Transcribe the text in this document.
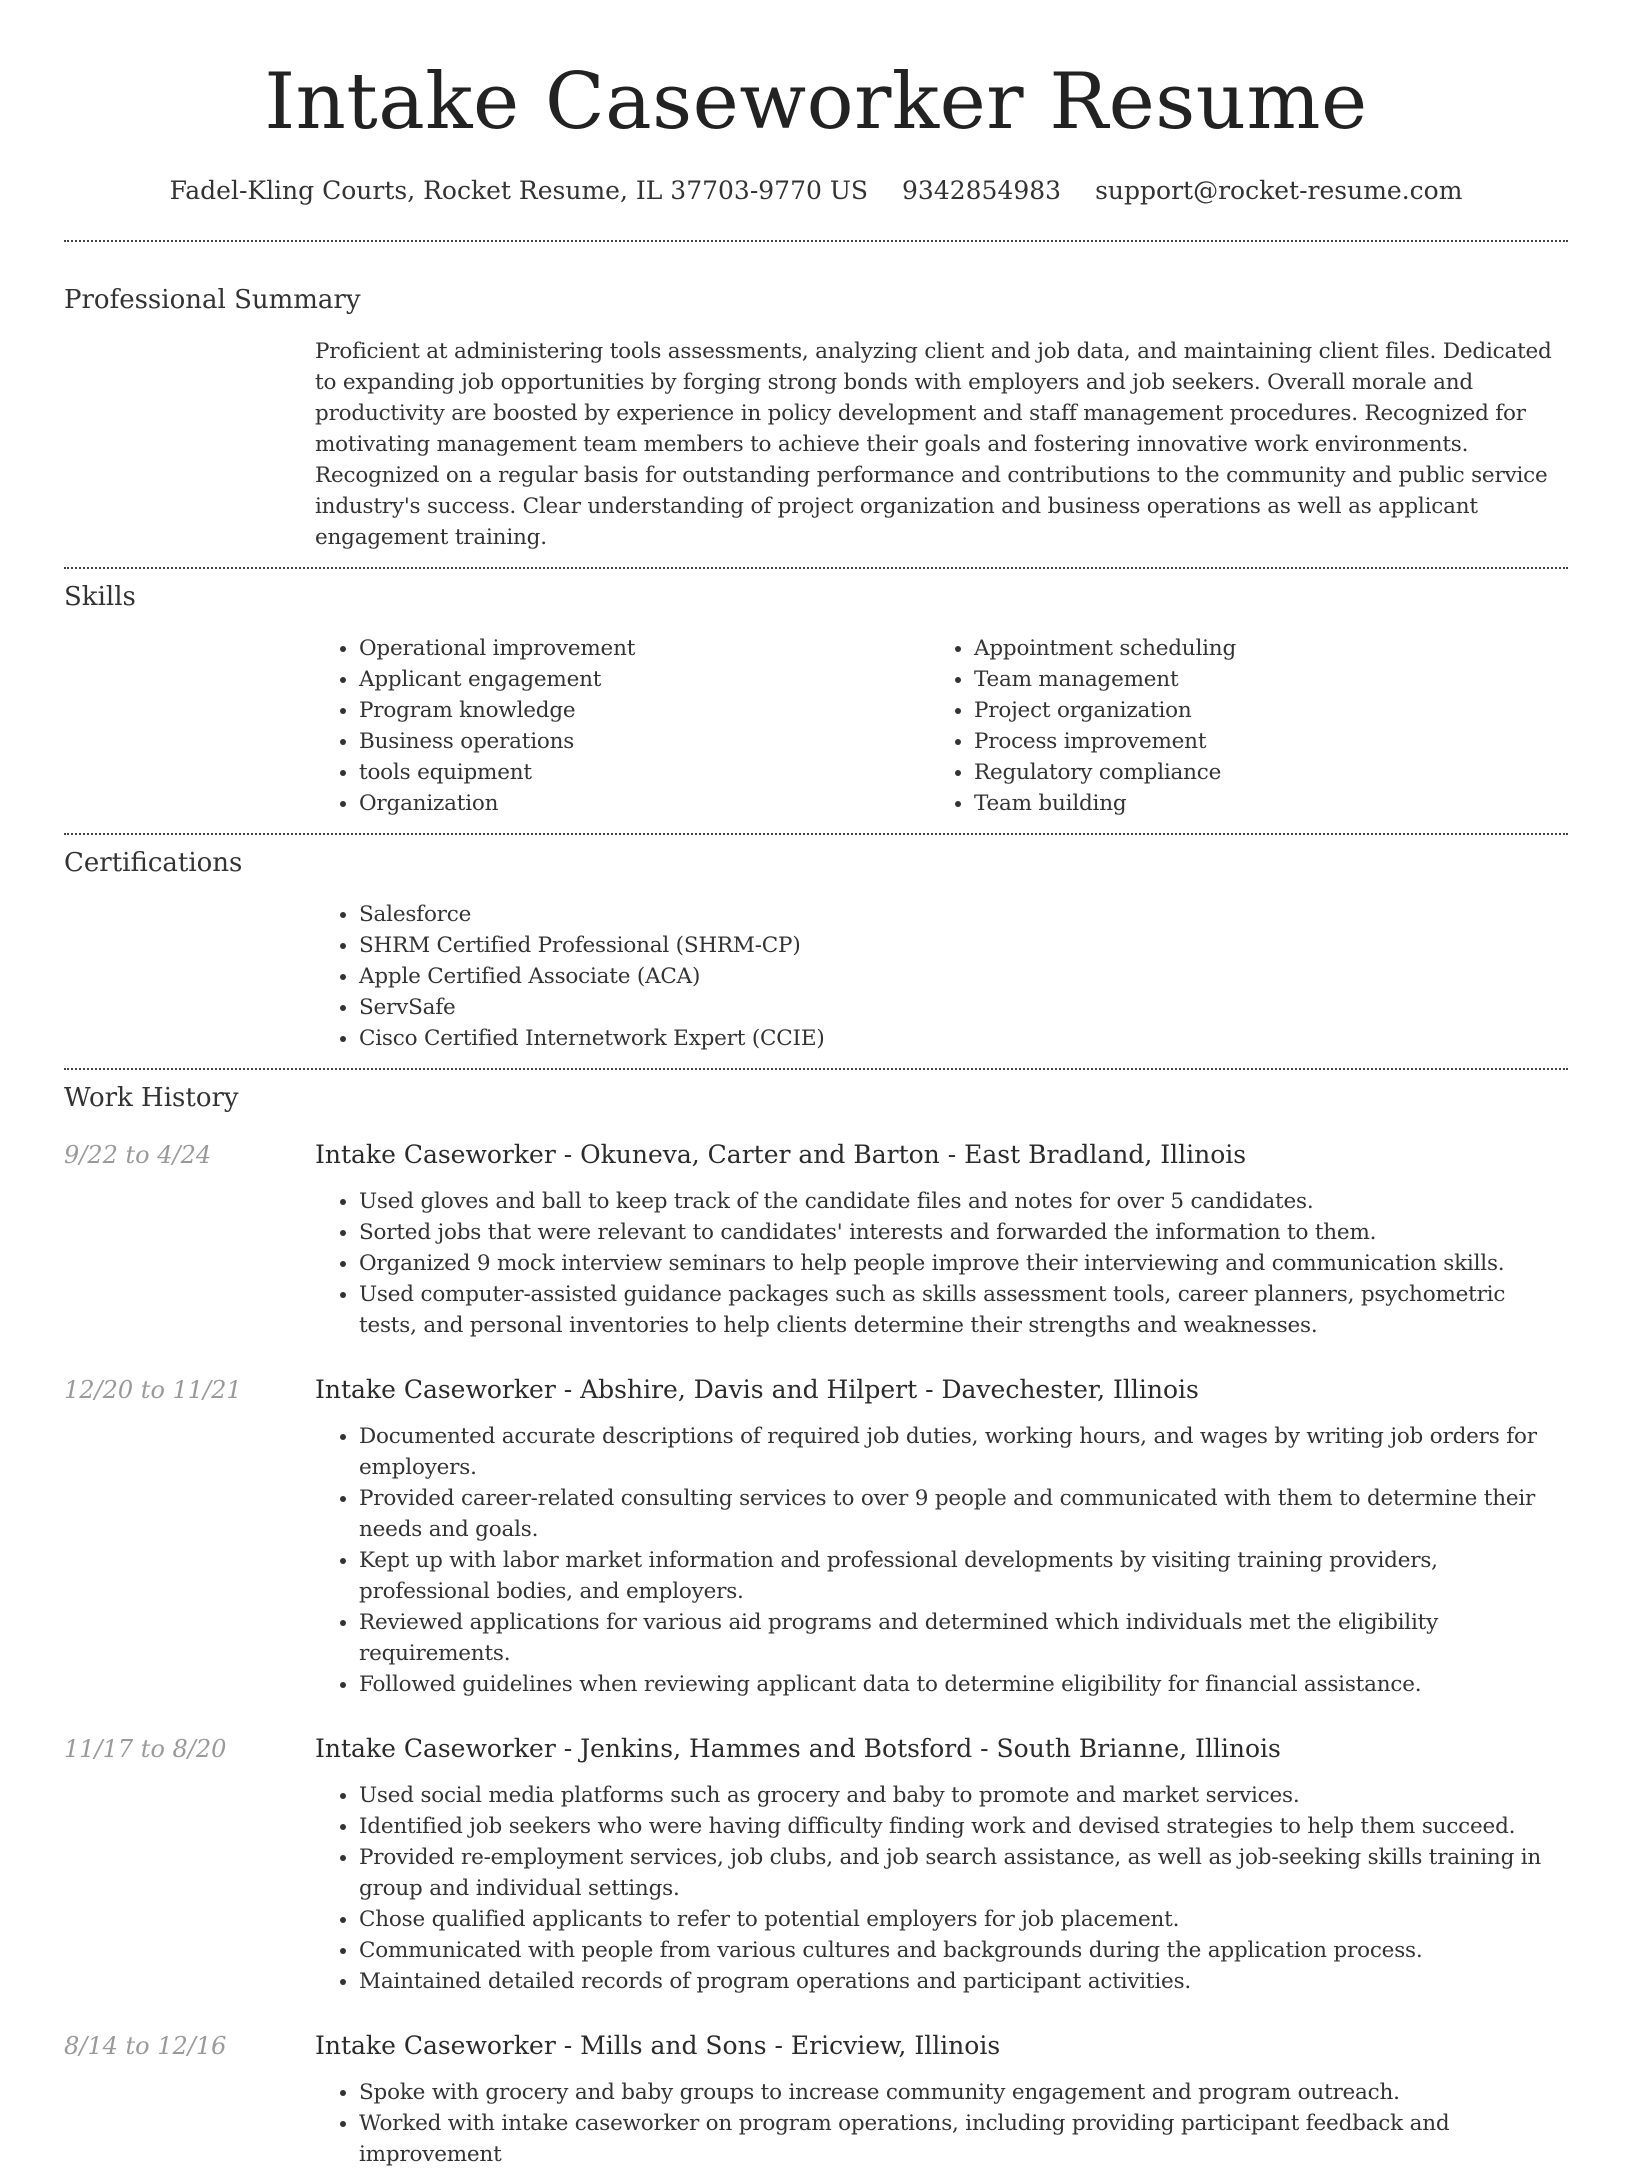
Intake Caseworker Resume
Fadel-Kling Courts, Rocket Resume, IL 37703-9770 US 9342854983 support@rocket-resume.com
Professional Summary

Proficient at administering tools assessments, analyzing client and job data, and maintaining client files. Dedicated to expanding job opportunities by forging strong bonds with employers and job seekers. Overall morale and productivity are boosted by experience in policy development and staff management procedures. Recognized for motivating management team members to achieve their goals and fostering innovative work environments. Recognized on a regular basis for outstanding performance and contributions to the community and public service industry's success. Clear understanding of project organization and business operations as well as applicant engagement training.

Skills
• Operational improvement
• Applicant engagement
• Program knowledge
• Business operations
• tools equipment
• Organization
• Appointment scheduling
• Team management
• Project organization
• Process improvement
• Regulatory compliance
• Team building
Certifications
• Salesforce
• SHRM Certified Professional (SHRM-CP)
• Apple Certified Associate (ACA)
• ServSafe
• Cisco Certified Internetwork Expert (CCIE)
Work History
9/22 to 4/24	Intake Caseworker - Okuneva, Carter and Barton - East Bradland, Illinois
• Used gloves and ball to keep track of the candidate files and notes for over 5 candidates.
• Sorted jobs that were relevant to candidates' interests and forwarded the information to them.
• Organized 9 mock interview seminars to help people improve their interviewing and communication skills.
• Used computer-assisted guidance packages such as skills assessment tools, career planners, psychometric tests, and personal inventories to help clients determine their strengths and weaknesses.
12/20 to 11/21	Intake Caseworker - Abshire, Davis and Hilpert - Davechester, Illinois
• Documented accurate descriptions of required job duties, working hours, and wages by writing job orders for employers.
• Provided career-related consulting services to over 9 people and communicated with them to determine their needs and goals.
• Kept up with labor market information and professional developments by visiting training providers, professional bodies, and employers.
• Reviewed applications for various aid programs and determined which individuals met the eligibility requirements.
• Followed guidelines when reviewing applicant data to determine eligibility for financial assistance.
11/17 to 8/20	Intake Caseworker - Jenkins, Hammes and Botsford - South Brianne, Illinois
• Used social media platforms such as grocery and baby to promote and market services.
• Identified job seekers who were having difficulty finding work and devised strategies to help them succeed.
• Provided re-employment services, job clubs, and job search assistance, as well as job-seeking skills training in group and individual settings.
• Chose qualified applicants to refer to potential employers for job placement.
• Communicated with people from various cultures and backgrounds during the application process.
• Maintained detailed records of program operations and participant activities.
8/14 to 12/16	Intake Caseworker - Mills and Sons - Ericview, Illinois
• Spoke with grocery and baby groups to increase community engagement and program outreach.
• Worked with intake caseworker on program operations, including providing participant feedback and improvement
